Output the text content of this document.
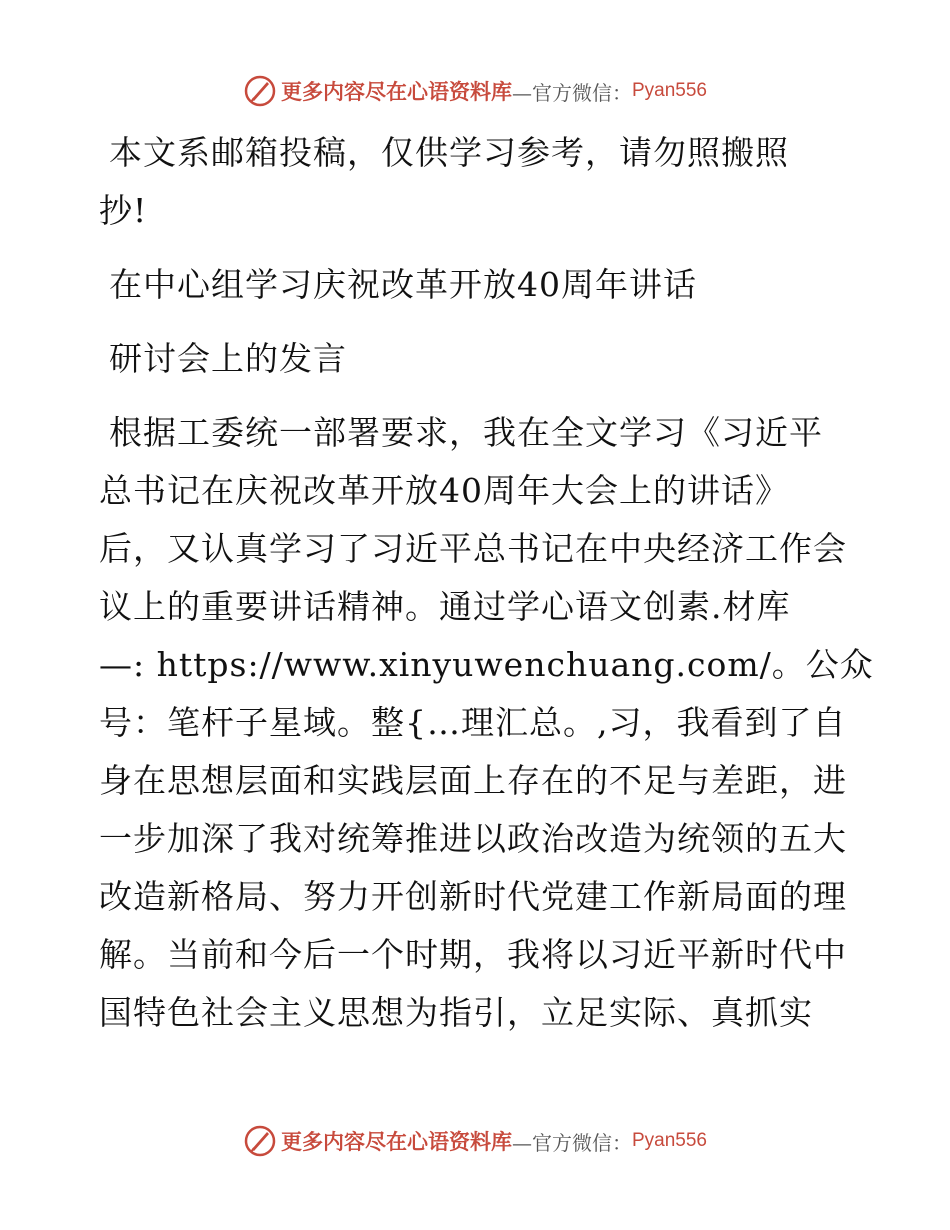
更多内容尽在心语资料库 —官方微信： Pyan556
本文系邮箱投稿，仅供学习参考，请勿照搬照
抄!
在中心组学习庆祝改革开放40周年讲话
研讨会上的发言
根据工委统一部署要求，我在全文学习《习近平
总书记在庆祝改革开放40周年大会上的讲话》
后，又认真学习了习近平总书记在中央经济工作会
议上的重要讲话精神。通过学心语文创素.材库
—: https://www.xinyuwenchuang.com/。公众
号：笔杆子星域。整{…理汇总。,习，我看到了自
身在思想层面和实践层面上存在的不足与差距，进
一步加深了我对统筹推进以政治改造为统领的五大
改造新格局、努力开创新时代党建工作新局面的理
解。当前和今后一个时期，我将以习近平新时代中
国特色社会主义思想为指引，立足实际、真抓实
更多内容尽在心语资料库 —官方微信： Pyan556
